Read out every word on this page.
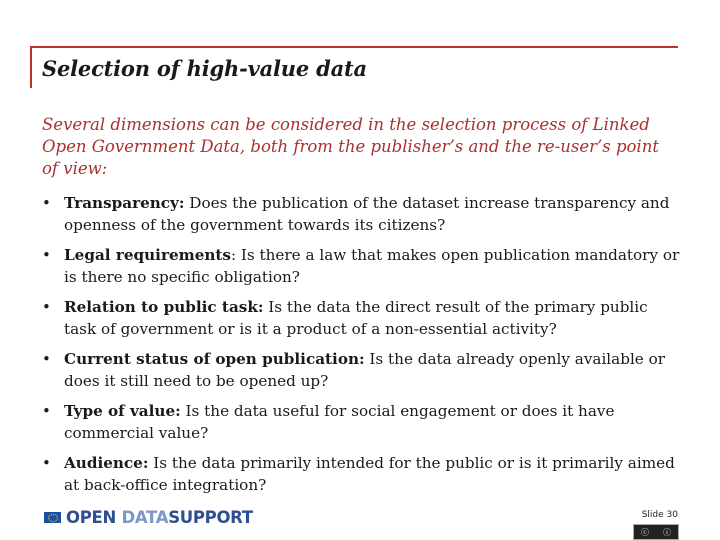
Selection of high-value data
Several dimensions can be considered in the selection process of Linked Open Government Data, both from the publisher’s and the re-user’s point of view:
• Transparency: Does the publication of the dataset increase transparency and openness of the government towards its citizens?
• Legal requirements: Is there a law that makes open publication mandatory or is there no specific obligation?
• Relation to public task: Is the data the direct result of the primary public task of government or is it a product of a non-essential activity?
• Current status of open publication: Is the data already openly available or does it still need to be opened up?
• Type of value: Is the data useful for social engagement or does it have commercial value?
• Audience: Is the data primarily intended for the public or is it primarily aimed at back-office integration?
OPEN DATASUPPORT	Slide 30
ⓒ ⓘ
